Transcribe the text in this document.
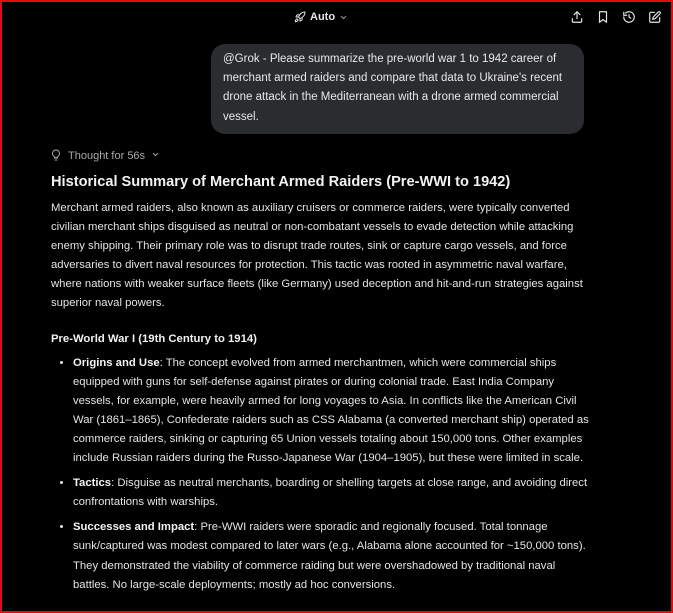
Auto
@Grok - Please summarize the pre-world war 1 to 1942 career of merchant armed raiders and compare that data to Ukraine's recent drone attack in the Mediterranean with a drone armed commercial vessel.
Thought for 56s
Historical Summary of Merchant Armed Raiders (Pre-WWI to 1942)

Merchant armed raiders, also known as auxiliary cruisers or commerce raiders, were typically converted civilian merchant ships disguised as neutral or non-combatant vessels to evade detection while attacking enemy shipping. Their primary role was to disrupt trade routes, sink or capture cargo vessels, and force adversaries to divert naval resources for protection. This tactic was rooted in asymmetric naval warfare, where nations with weaker surface fleets (like Germany) used deception and hit-and-run strategies against superior naval powers.

Pre-World War I (19th Century to 1914)
• Origins and Use: The concept evolved from armed merchantmen, which were commercial ships equipped with guns for self-defense against pirates or during colonial trade. East India Company vessels, for example, were heavily armed for long voyages to Asia. In conflicts like the American Civil War (1861–1865), Confederate raiders such as CSS Alabama (a converted merchant ship) operated as commerce raiders, sinking or capturing 65 Union vessels totaling about 150,000 tons. Other examples include Russian raiders during the Russo-Japanese War (1904–1905), but these were limited in scale.
• Tactics: Disguise as neutral merchants, boarding or shelling targets at close range, and avoiding direct confrontations with warships.
• Successes and Impact: Pre-WWI raiders were sporadic and regionally focused. Total tonnage sunk/captured was modest compared to later wars (e.g., Alabama alone accounted for ~150,000 tons). They demonstrated the viability of commerce raiding but were overshadowed by traditional naval battles. No large-scale deployments; mostly ad hoc conversions.
